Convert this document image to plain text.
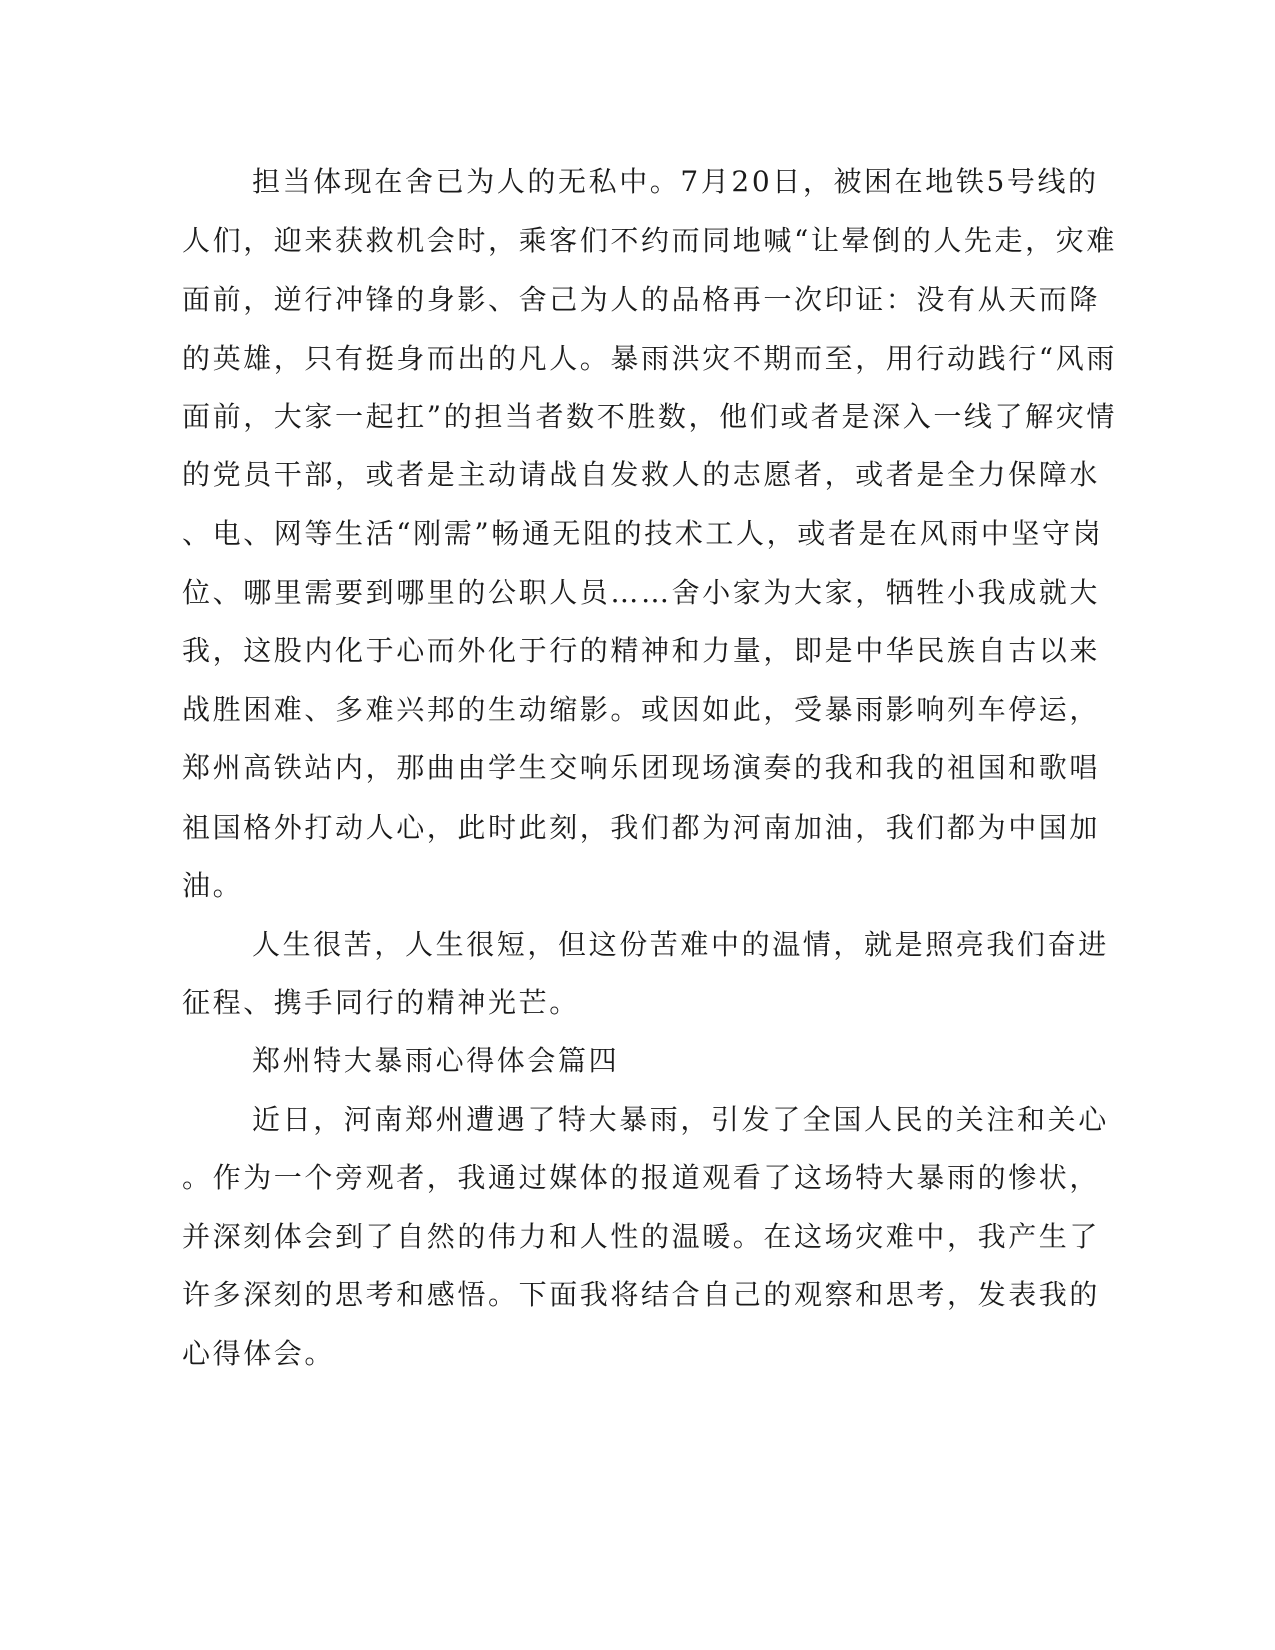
担当体现在舍已为人的无私中。7月20日，被困在地铁5号线的
人们，迎来获救机会时，乘客们不约而同地喊“让晕倒的人先走，灾难
面前，逆行冲锋的身影、舍己为人的品格再一次印证：没有从天而降
的英雄，只有挺身而出的凡人。暴雨洪灾不期而至，用行动践行“风雨
面前，大家一起扛”的担当者数不胜数，他们或者是深入一线了解灾情
的党员干部，或者是主动请战自发救人的志愿者，或者是全力保障水
、电、网等生活“刚需”畅通无阻的技术工人，或者是在风雨中坚守岗
位、哪里需要到哪里的公职人员……舍小家为大家，牺牲小我成就大
我，这股内化于心而外化于行的精神和力量，即是中华民族自古以来
战胜困难、多难兴邦的生动缩影。或因如此，受暴雨影响列车停运，
郑州高铁站内，那曲由学生交响乐团现场演奏的我和我的祖国和歌唱
祖国格外打动人心，此时此刻，我们都为河南加油，我们都为中国加
油。
人生很苦，人生很短，但这份苦难中的温情，就是照亮我们奋进
征程、携手同行的精神光芒。
郑州特大暴雨心得体会篇四
近日，河南郑州遭遇了特大暴雨，引发了全国人民的关注和关心
。作为一个旁观者，我通过媒体的报道观看了这场特大暴雨的惨状，
并深刻体会到了自然的伟力和人性的温暖。在这场灾难中，我产生了
许多深刻的思考和感悟。下面我将结合自己的观察和思考，发表我的
心得体会。
